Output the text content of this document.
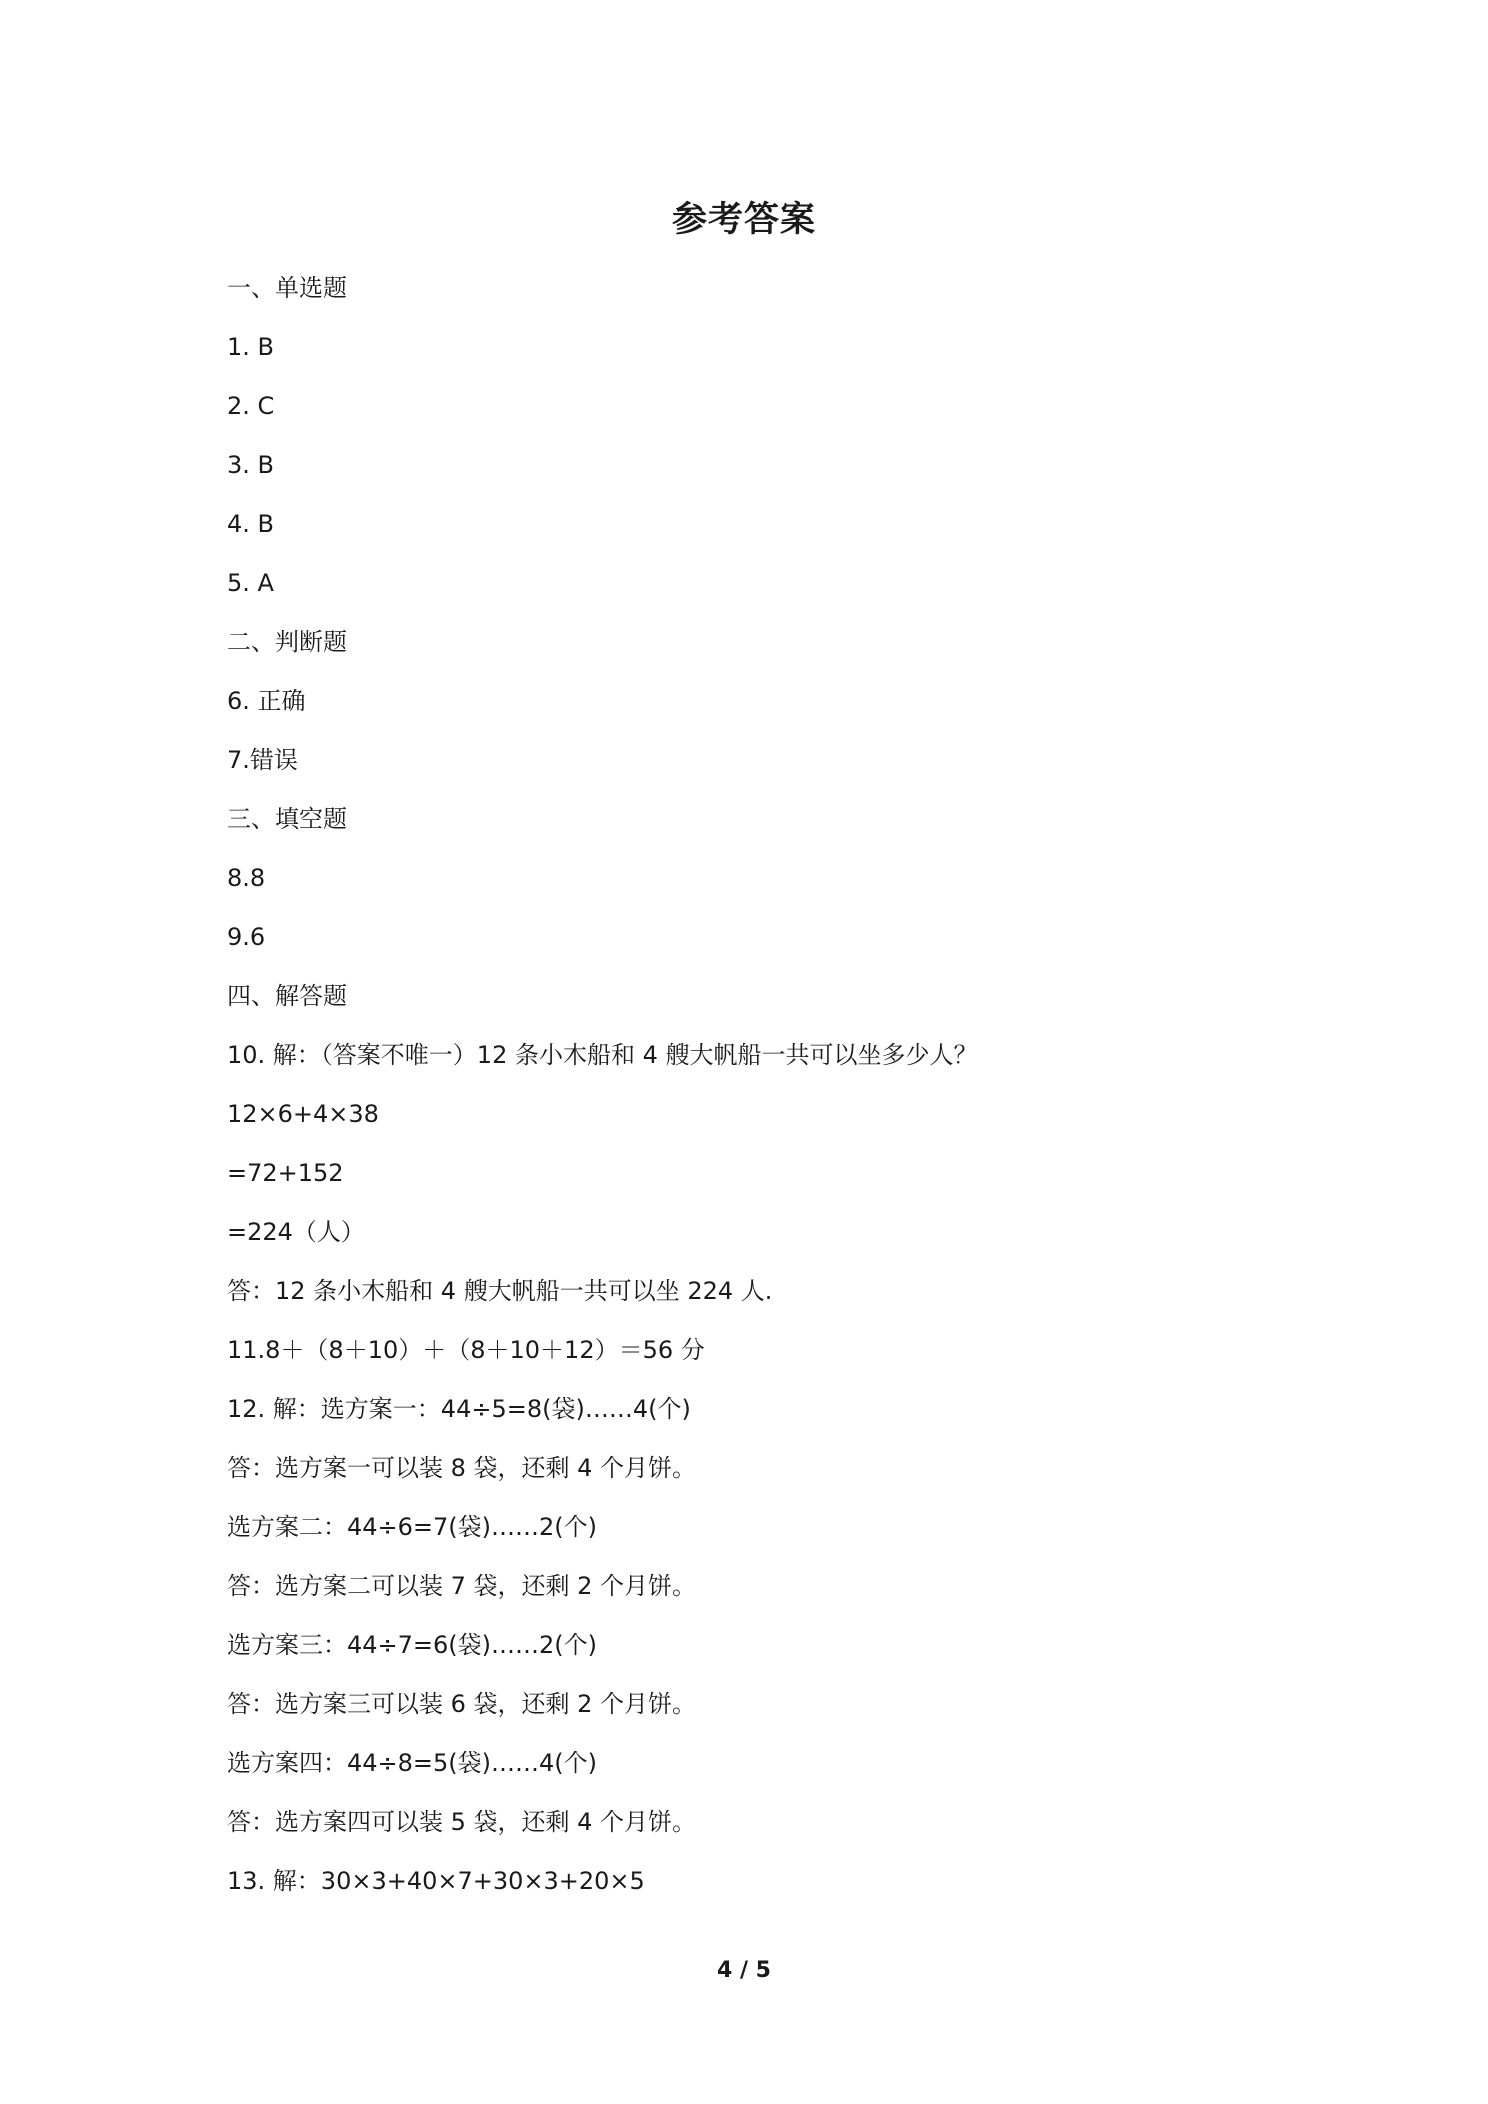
参考答案
一、单选题
1. B
2. C
3. B
4. B
5. A
二、判断题
6. 正确
7.错误
三、填空题
8.8
9.6
四、解答题
10. 解：（答案不唯一）12 条小木船和 4 艘大帆船一共可以坐多少人？
12×6+4×38
=72+152
=224（人）
答：12 条小木船和 4 艘大帆船一共可以坐 224 人.
11.8＋（8＋10）＋（8＋10＋12）＝56 分
12. 解：选方案一：44÷5=8(袋)……4(个)
答：选方案一可以装 8 袋，还剩 4 个月饼。
选方案二：44÷6=7(袋)……2(个)
答：选方案二可以装 7 袋，还剩 2 个月饼。
选方案三：44÷7=6(袋)……2(个)
答：选方案三可以装 6 袋，还剩 2 个月饼。
选方案四：44÷8=5(袋)……4(个)
答：选方案四可以装 5 袋，还剩 4 个月饼。
13. 解：30×3+40×7+30×3+20×5
4 / 5
